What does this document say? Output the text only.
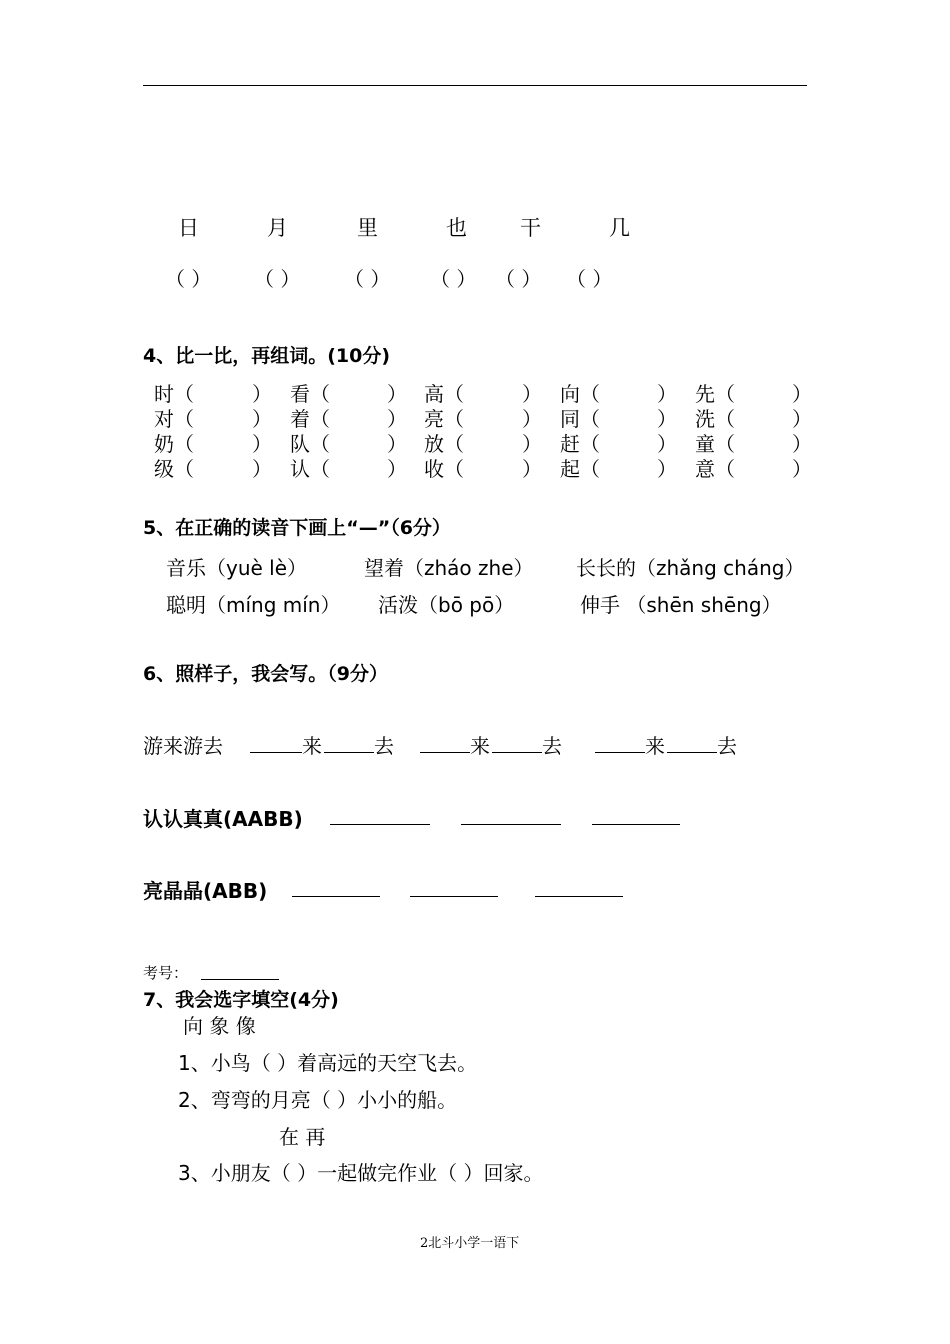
日	月	里	也	干	几
（ ） （ ） （ ） （ ） （ ） （ ）
4、比一比，再组词。(10分)
时（	） 看（	） 高（	） 向（	） 先（	）
对（	） 着（	） 亮（	） 同（	） 洗（	）
奶（	） 队（	） 放（	） 赶（	） 童（	）
级（	） 认（	） 收（	） 起（	） 意（	）
5、在正确的读音下画上“—”（6分）
音乐（yuè lè）	望着（zháo zhe） 长长的（zhǎng cháng）
聪明（míng mín） 活泼（bō pō）	伸手 （shēn shēng）
6、照样子，我会写。（9分）
游来游去	来	去	来	去	来	去
认认真真(AABB)
亮晶晶(ABB)
考号：
7、我会选字填空(4分)
向 象 像
1、小鸟（ ）着高远的天空飞去。
2、弯弯的月亮（ ）小小的船。
在 再
3、小朋友（ ）一起做完作业（ ）回家。
2北斗小学一语下
